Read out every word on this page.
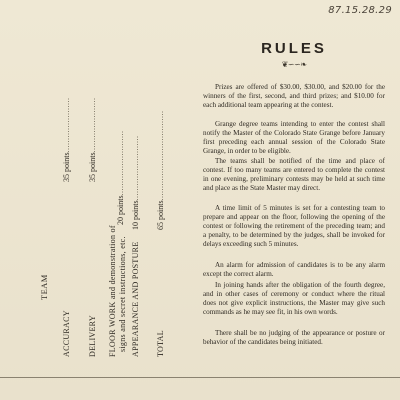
87.15.28.29
TEAM
ACCURACY
35 points......................
DELIVERY
35 points......................
FLOOR WORK and demonstration of signs and secret instructions, etc.
20 points..........................
APPEARANCE AND POSTURE
10 points..........................
TOTAL
65 points....................................
RULES
❦∽∽❧

Prizes are offered of $30.00, $30.00, and $20.00 for the winners of the first, second, and third prizes; and $10.00 for each additional team appearing at the contest.

Grange degree teams intending to enter the contest shall notify the Master of the Colorado State Grange before January first preceding each annual session of the Colorado State Grange, in order to be eligible.

The teams shall be notified of the time and place of contest. If too many teams are entered to complete the contest in one evening, preliminary contests may be held at such time and place as the State Master may direct.

A time limit of 5 minutes is set for a contesting team to prepare and appear on the floor, following the opening of the contest or following the retirement of the preceding team; and a penalty, to be determined by the judges, shall be invoked for delays exceeding such 5 minutes.

An alarm for admission of candidates is to be any alarm except the correct alarm.

In joining hands after the obligation of the fourth degree, and in other cases of ceremony or conduct where the ritual does not give explicit instructions, the Master may give such commands as he may see fit, in his own words.

There shall be no judging of the appearance or posture or behavior of the candidates being initiated.
